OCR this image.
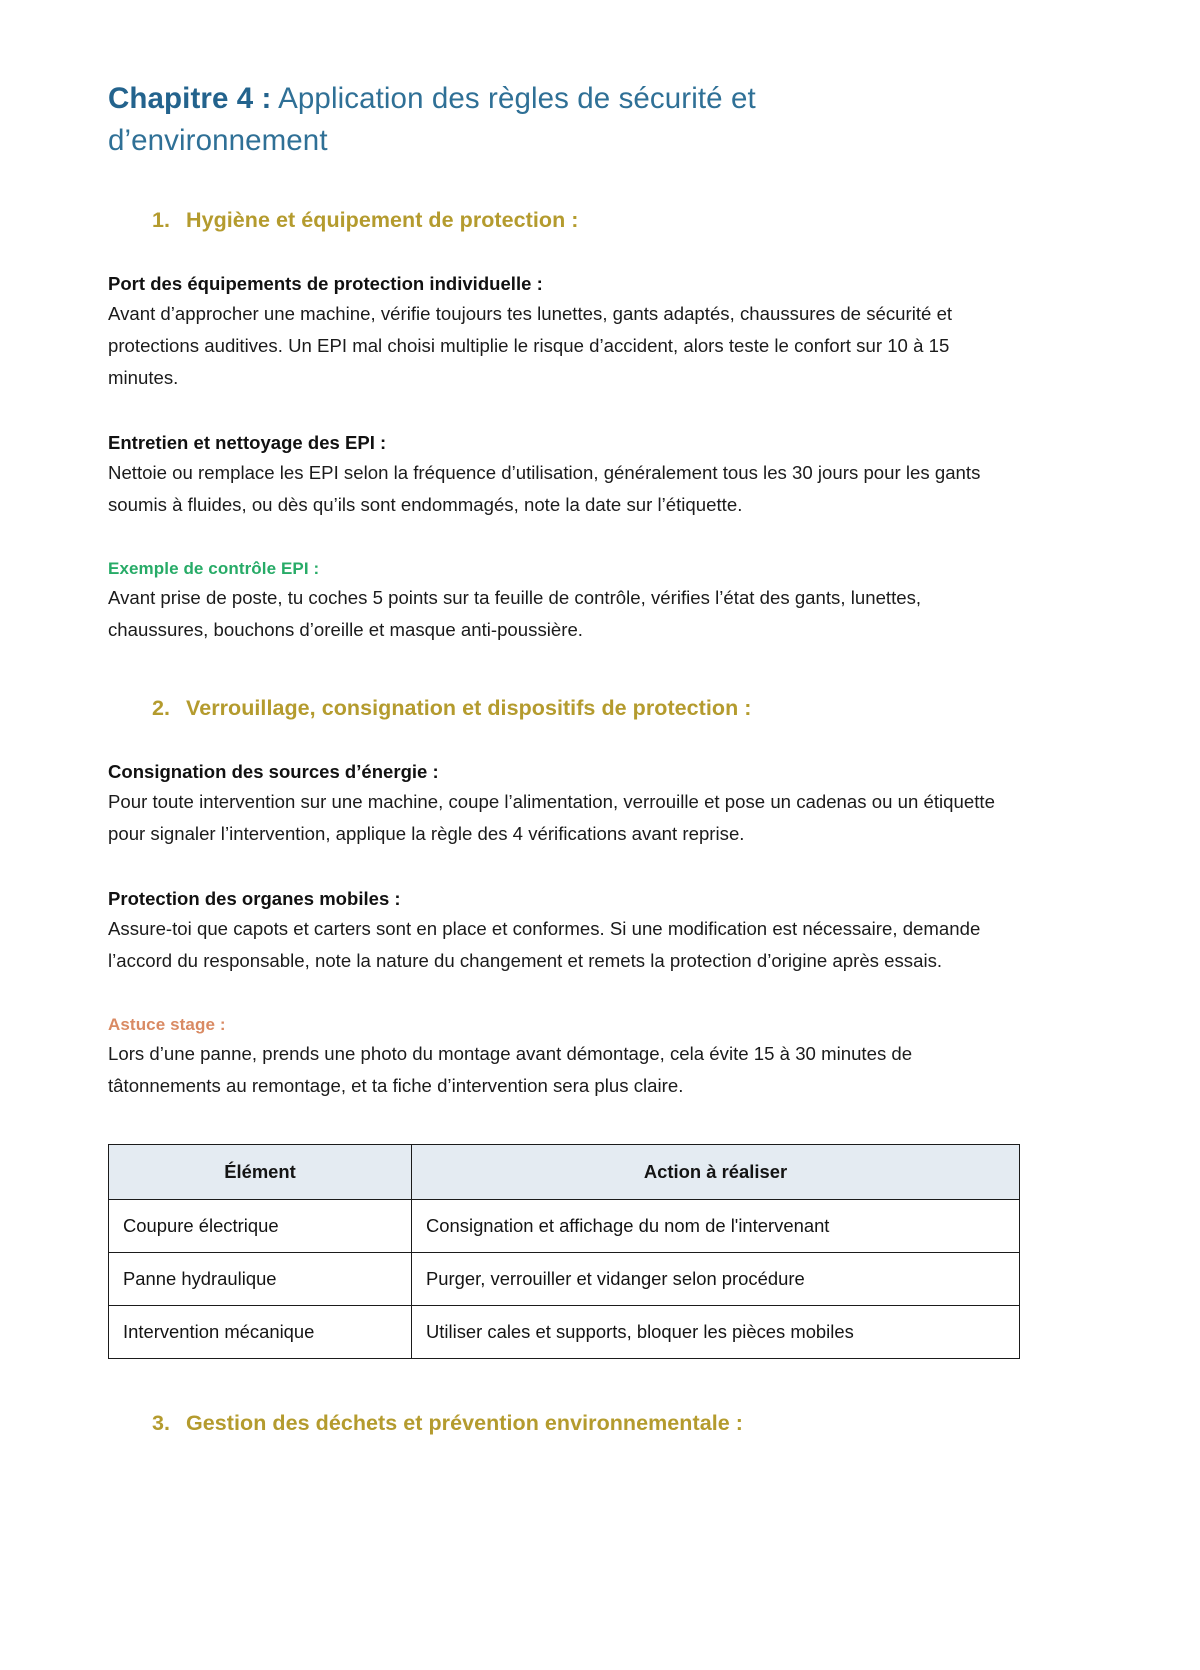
Chapitre 4 : Application des règles de sécurité et d’environnement
1. Hygiène et équipement de protection :

Port des équipements de protection individuelle :

Avant d’approcher une machine, vérifie toujours tes lunettes, gants adaptés, chaussures de sécurité et protections auditives. Un EPI mal choisi multiplie le risque d’accident, alors teste le confort sur 10 à 15 minutes.

Entretien et nettoyage des EPI :

Nettoie ou remplace les EPI selon la fréquence d’utilisation, généralement tous les 30 jours pour les gants soumis à fluides, ou dès qu’ils sont endommagés, note la date sur l’étiquette.

Exemple de contrôle EPI :

Avant prise de poste, tu coches 5 points sur ta feuille de contrôle, vérifies l’état des gants, lunettes, chaussures, bouchons d’oreille et masque anti-poussière.

2. Verrouillage, consignation et dispositifs de protection :

Consignation des sources d’énergie :

Pour toute intervention sur une machine, coupe l’alimentation, verrouille et pose un cadenas ou un étiquette pour signaler l’intervention, applique la règle des 4 vérifications avant reprise.

Protection des organes mobiles :

Assure-toi que capots et carters sont en place et conformes. Si une modification est nécessaire, demande l’accord du responsable, note la nature du changement et remets la protection d’origine après essais.

Astuce stage :

Lors d’une panne, prends une photo du montage avant démontage, cela évite 15 à 30 minutes de tâtonnements au remontage, et ta fiche d’intervention sera plus claire.

Élément	Action à réaliser
Coupure électrique	Consignation et affichage du nom de l'intervenant
Panne hydraulique	Purger, verrouiller et vidanger selon procédure
Intervention mécanique	Utiliser cales et supports, bloquer les pièces mobiles
3. Gestion des déchets et prévention environnementale :
